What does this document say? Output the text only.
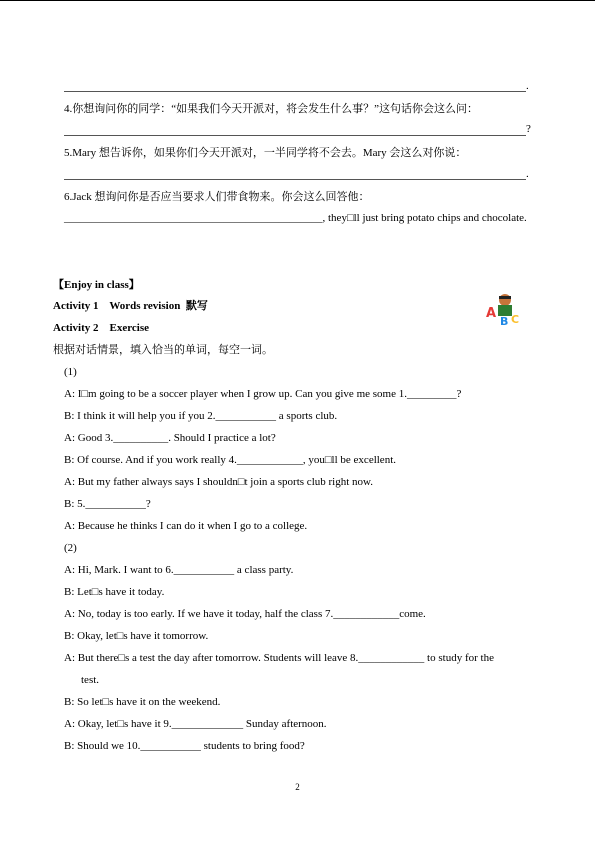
.
4.你想询问你的同学：“如果我们今天开派对，将会发生什么事？”这句话你会这么问：
?
5.Mary 想告诉你，如果你们今天开派对，一半同学将不会去。Mary 会这么对你说：
.
6.Jack 想询问你是否应当要求人们带食物来。你会这么回答他：
_______________________________________________, they□ll just bring potato chips and chocolate.
【Enjoy in class】
Activity 1    Words revision  默写
Activity 2    Exercise
根据对话情景，填入恰当的单词，每空一词。
A
B C
(1)
A: I□m going to be a soccer player when I grow up. Can you give me some 1._________?
B: I think it will help you if you 2.___________ a sports club.
A: Good 3.__________. Should I practice a lot?
B: Of course. And if you work really 4.____________, you□ll be excellent.
A: But my father always says I shouldn□t join a sports club right now.
B: 5.___________?
A: Because he thinks I can do it when I go to a college.
(2)
A: Hi, Mark. I want to 6.___________ a class party.
B: Let□s have it today.
A: No, today is too early. If we have it today, half the class 7.____________come.
B: Okay, let□s have it tomorrow.
A: But there□s a test the day after tomorrow. Students will leave 8.____________ to study for the
test.
B: So let□s have it on the weekend.
A: Okay, let□s have it 9._____________ Sunday afternoon.
B: Should we 10.___________ students to bring food?
2
